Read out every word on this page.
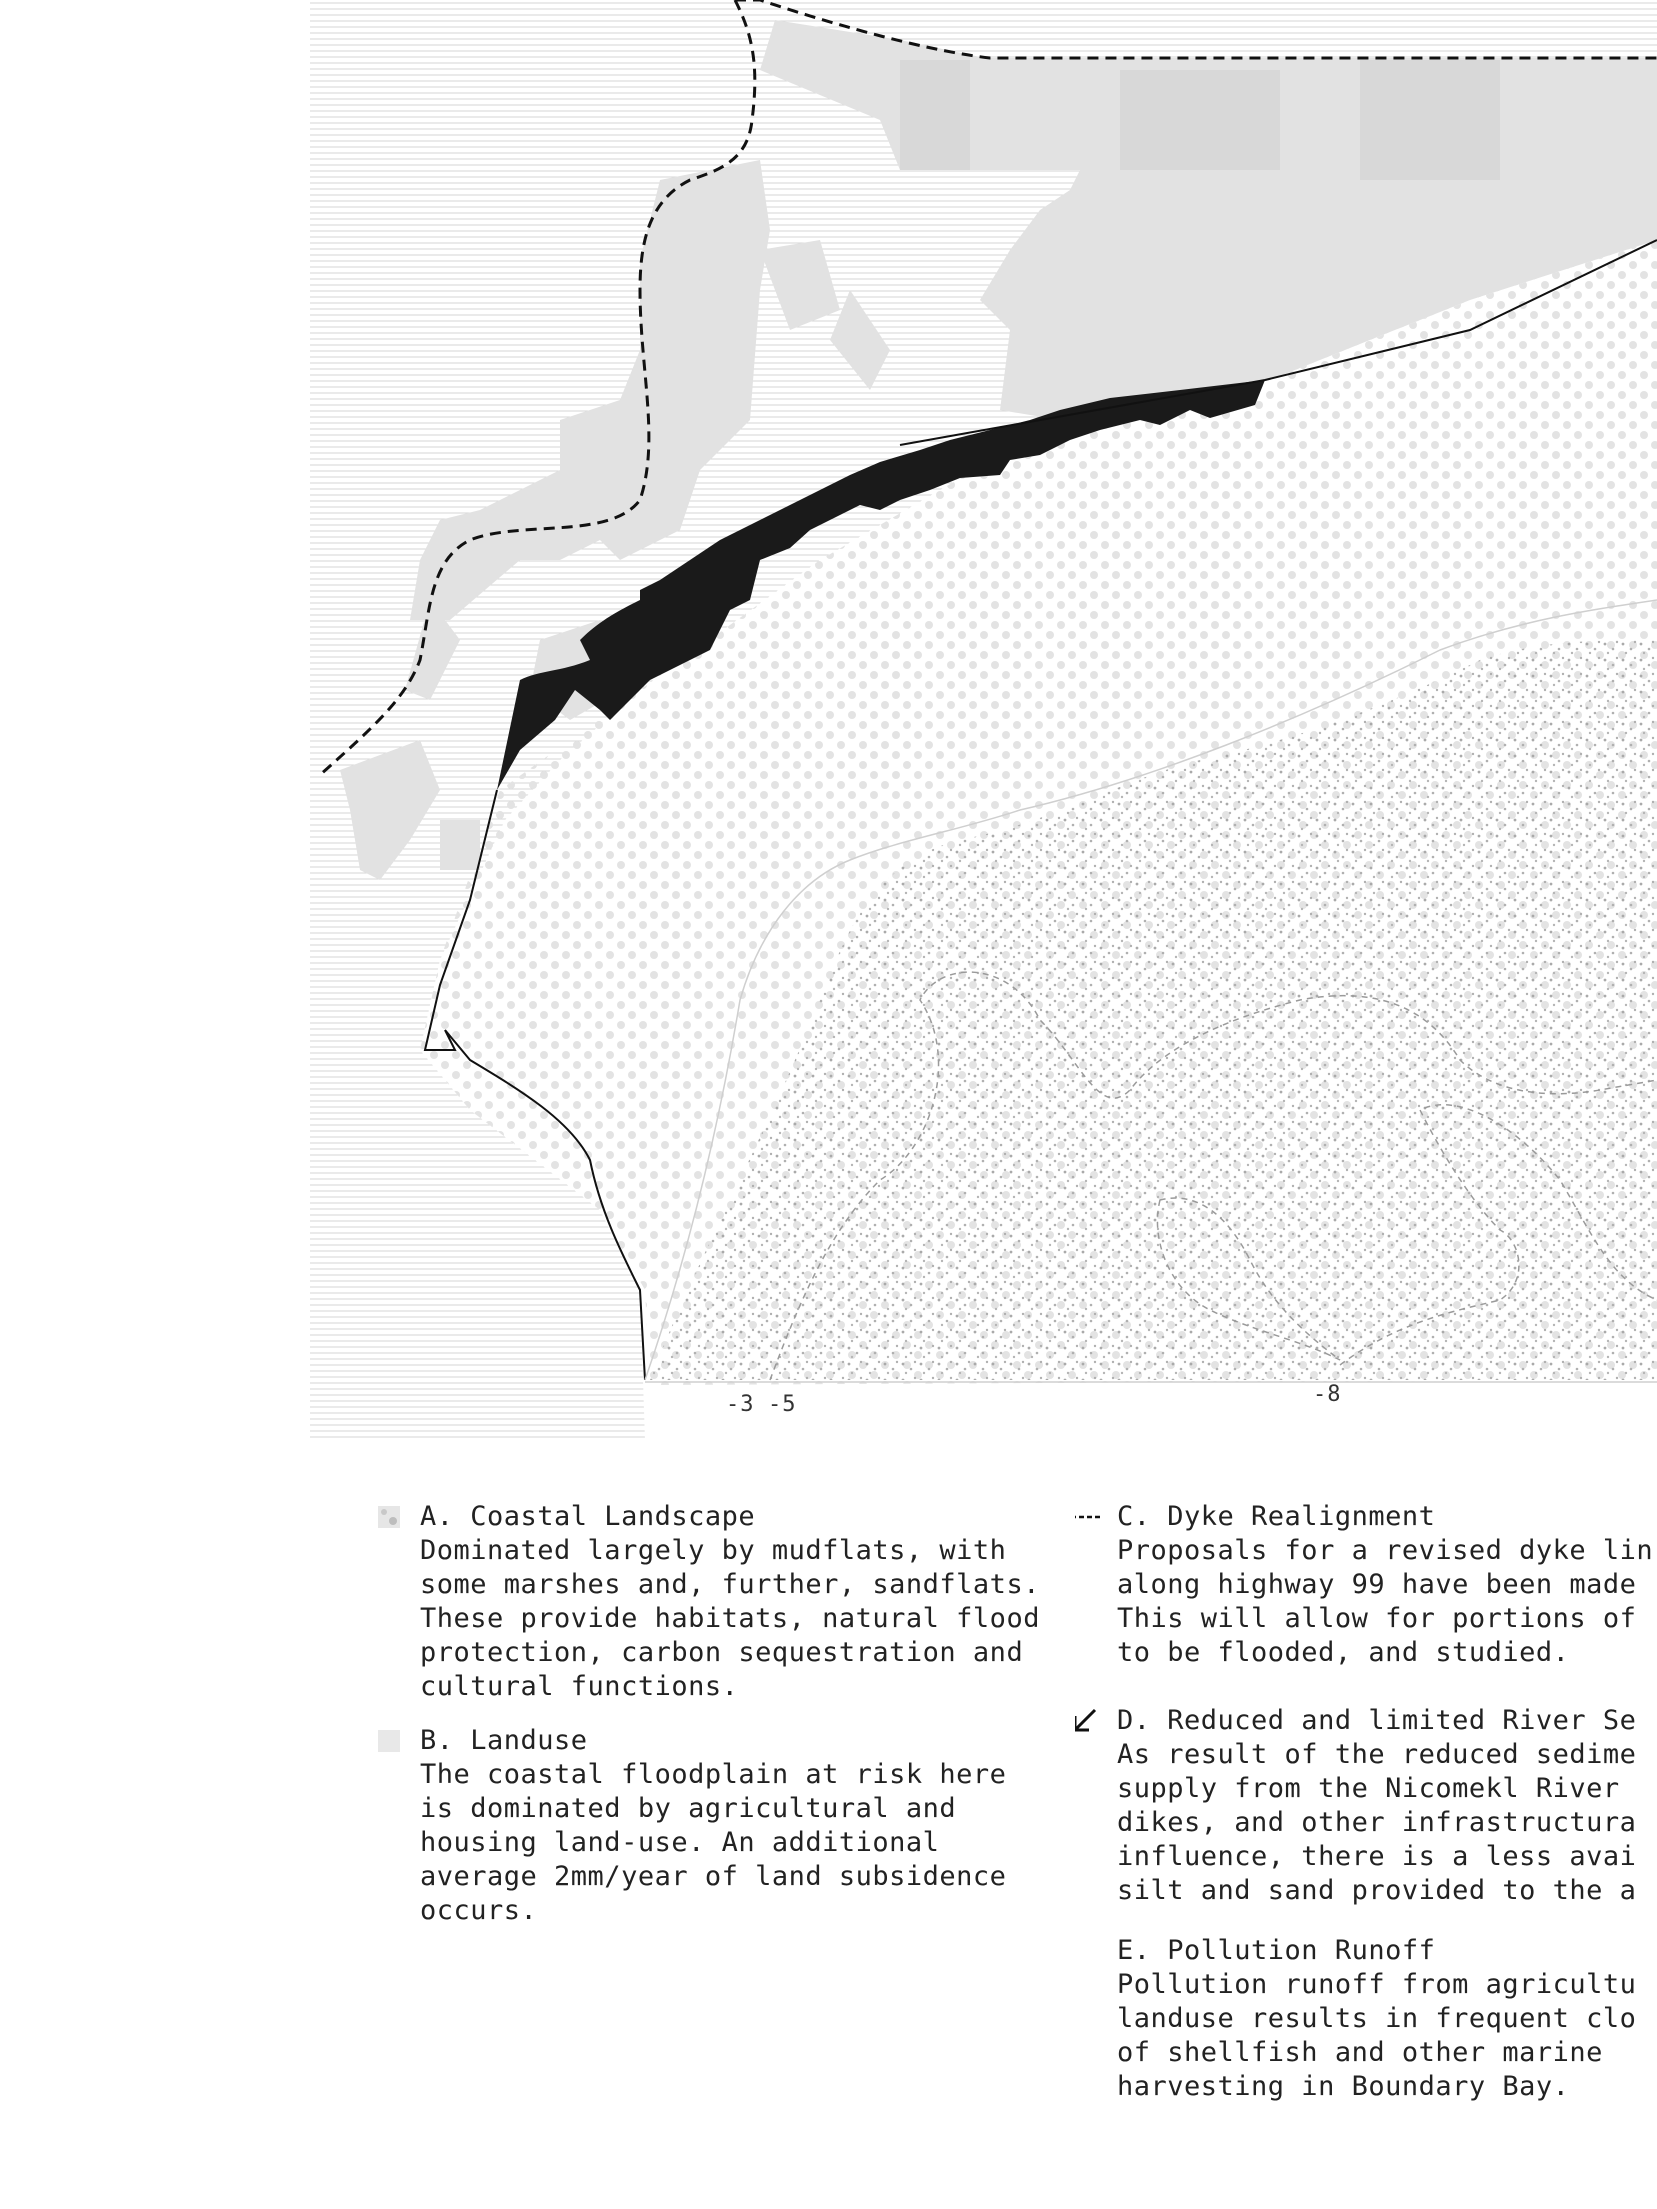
-3 -5	-8
A. Coastal Landscape
Dominated largely by mudflats, with
some marshes and, further, sandflats.
These provide habitats, natural flood
protection, carbon sequestration and
cultural functions.
B. Landuse
The coastal floodplain at risk here
is dominated by agricultural and
housing land-use. An additional
average 2mm/year of land subsidence
occurs.
C. Dyke Realignment
Proposals for a revised dyke lin
along highway 99 have been made
This will allow for portions of
to be flooded, and studied.
D. Reduced and limited River Se
As result of the reduced sedime
supply from the Nicomekl River
dikes, and other infrastructura
influence, there is a less avai
silt and sand provided to the a
E. Pollution Runoff
Pollution runoff from agricultu
landuse results in frequent clo
of shellfish and other marine
harvesting in Boundary Bay.
